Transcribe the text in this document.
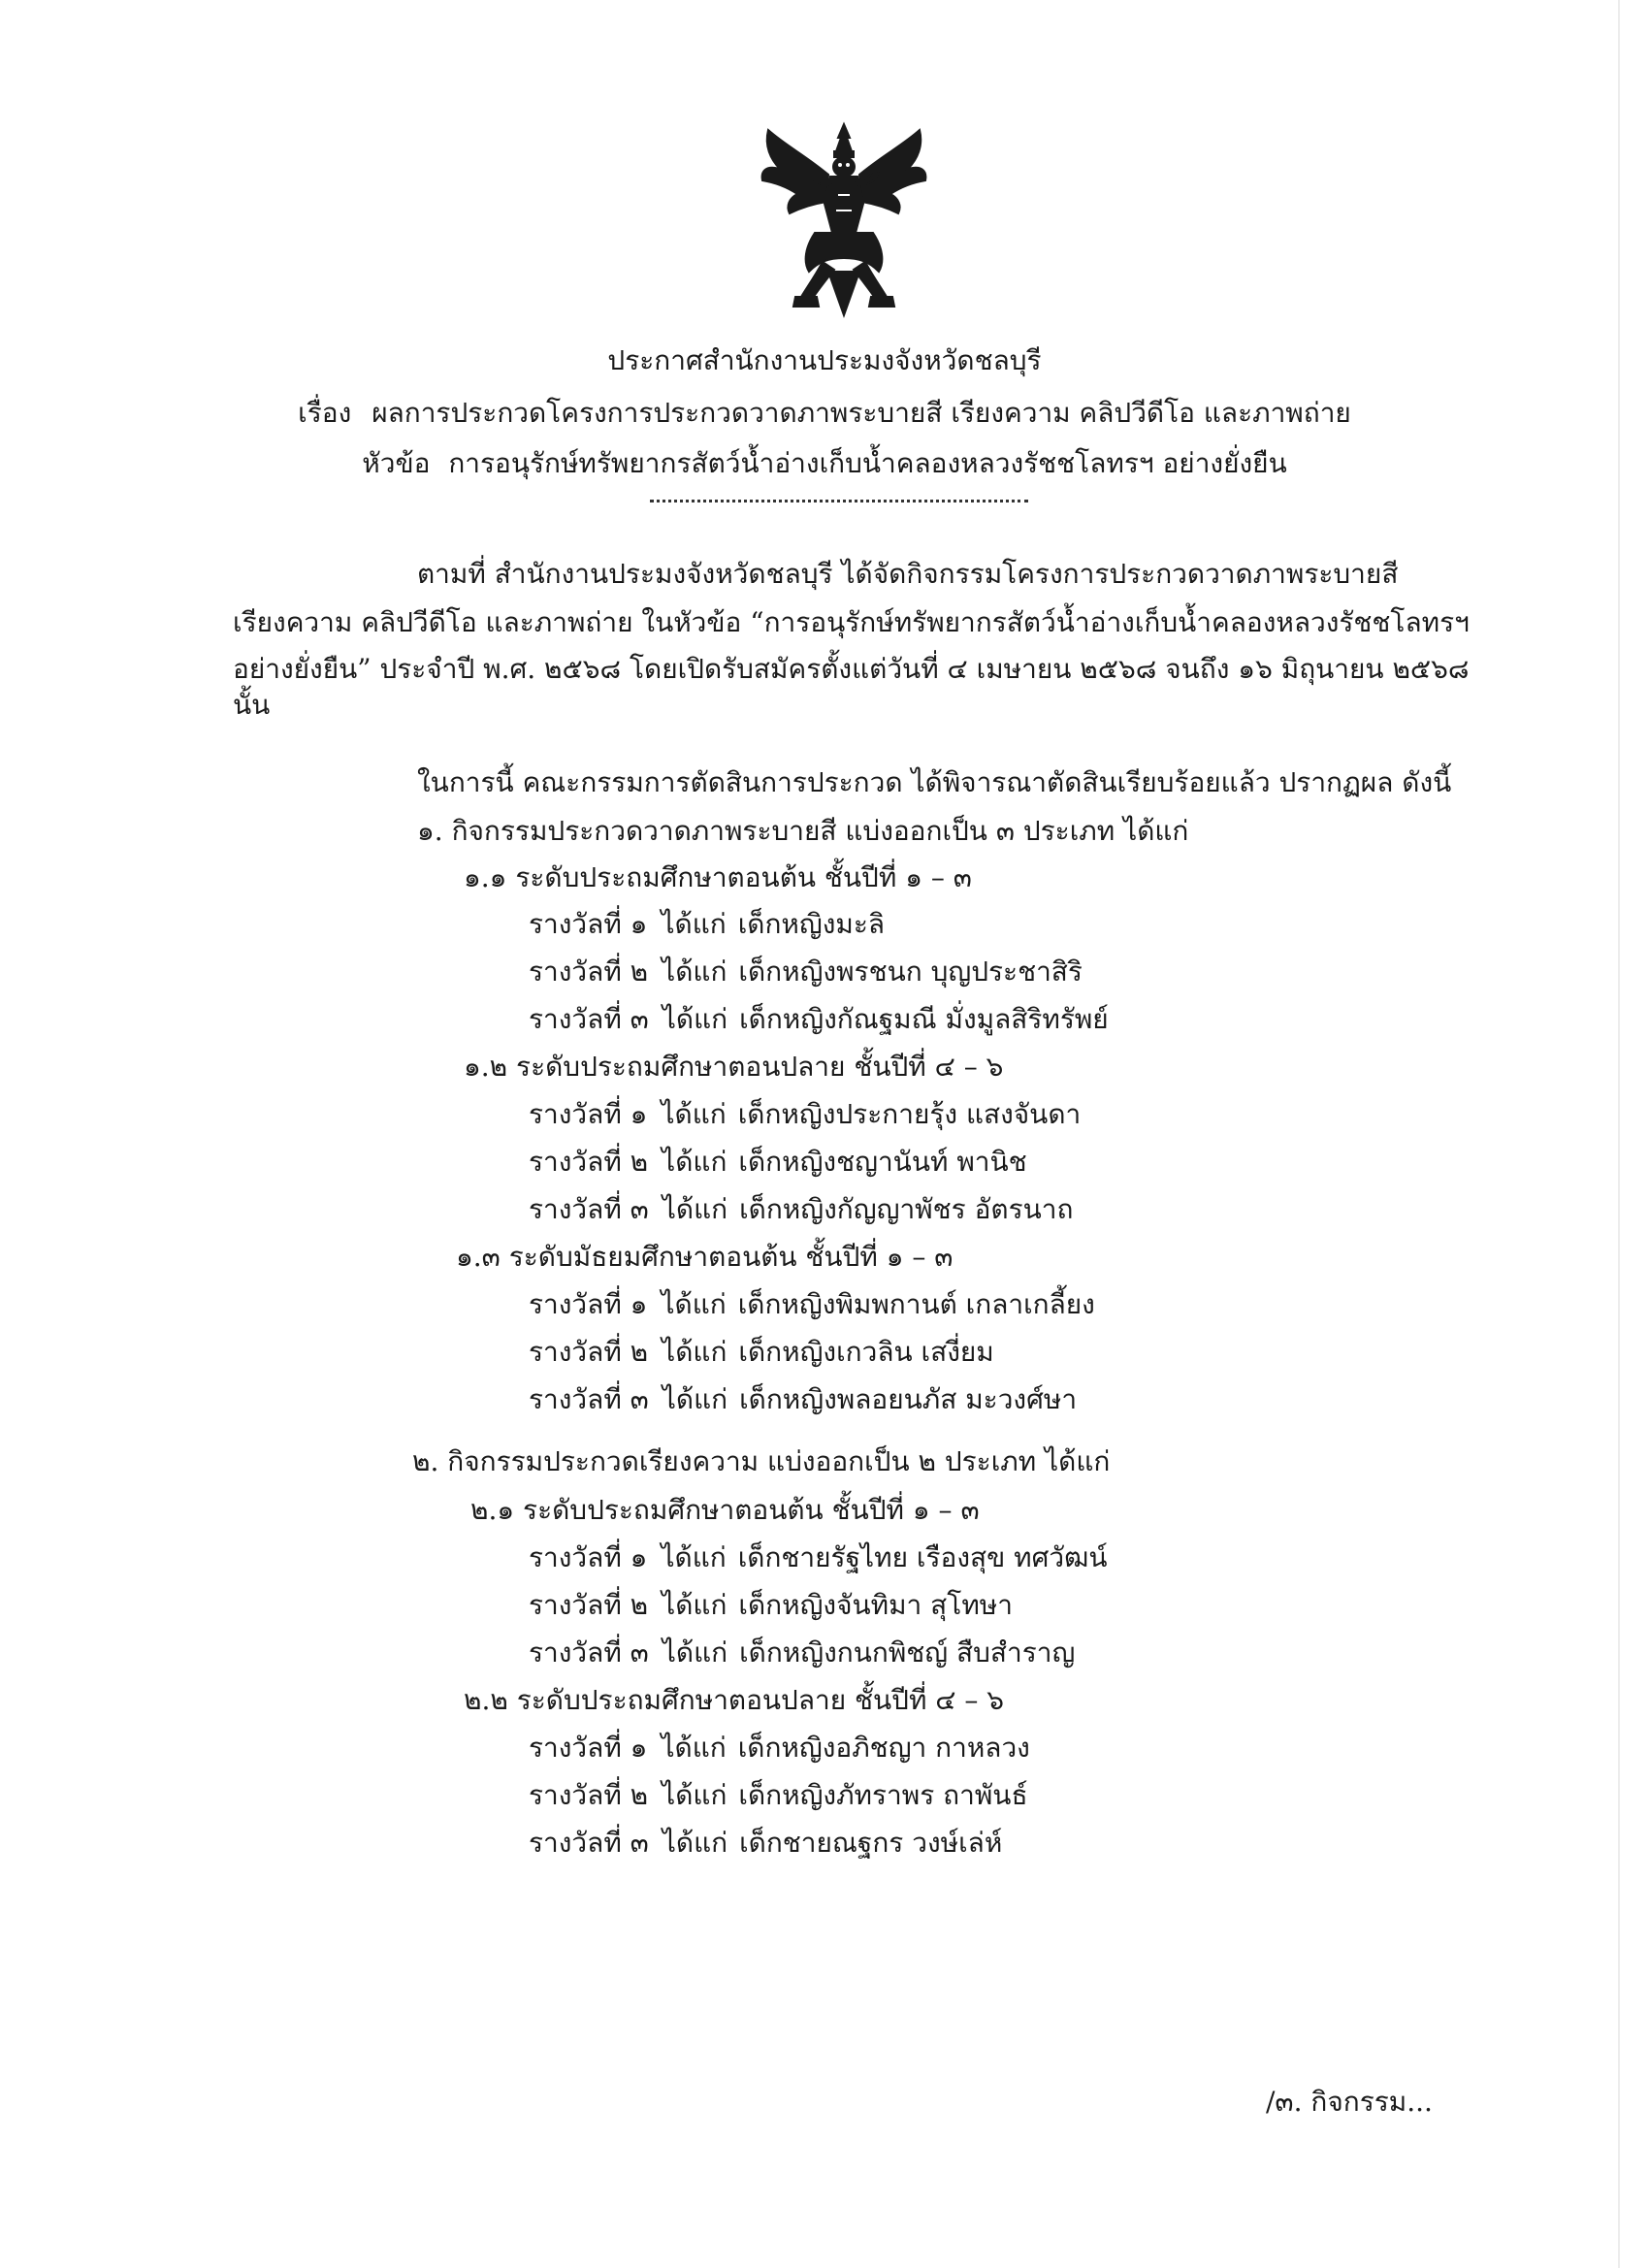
ประกาศสำนักงานประมงจังหวัดชลบุรี
เรื่อง ผลการประกวดโครงการประกวดวาดภาพระบายสี เรียงความ คลิปวีดีโอ และภาพถ่าย
หัวข้อ การอนุรักษ์ทรัพยากรสัตว์น้ำอ่างเก็บน้ำคลองหลวงรัชชโลทรฯ อย่างยั่งยืน
ตามที่ สำนักงานประมงจังหวัดชลบุรี ได้จัดกิจกรรมโครงการประกวดวาดภาพระบายสี
เรียงความ คลิปวีดีโอ และภาพถ่าย ในหัวข้อ “การอนุรักษ์ทรัพยากรสัตว์น้ำอ่างเก็บน้ำคลองหลวงรัชชโลทรฯ
อย่างยั่งยืน” ประจำปี พ.ศ. ๒๕๖๘ โดยเปิดรับสมัครตั้งแต่วันที่ ๔ เมษายน ๒๕๖๘ จนถึง ๑๖ มิถุนายน ๒๕๖๘
นั้น
ในการนี้ คณะกรรมการตัดสินการประกวด ได้พิจารณาตัดสินเรียบร้อยแล้ว ปรากฏผล ดังนี้
๑. กิจกรรมประกวดวาดภาพระบายสี แบ่งออกเป็น ๓ ประเภท ได้แก่
๑.๑ ระดับประถมศึกษาตอนต้น ชั้นปีที่ ๑ – ๓
รางวัลที่ ๑ ได้แก่ เด็กหญิงมะลิ
รางวัลที่ ๒ ได้แก่ เด็กหญิงพรชนก บุญประชาสิริ
รางวัลที่ ๓ ได้แก่ เด็กหญิงกัณฐมณี มั่งมูลสิริทรัพย์
๑.๒ ระดับประถมศึกษาตอนปลาย ชั้นปีที่ ๔ – ๖
รางวัลที่ ๑ ได้แก่ เด็กหญิงประกายรุ้ง แสงจันดา
รางวัลที่ ๒ ได้แก่ เด็กหญิงชญานันท์ พานิช
รางวัลที่ ๓ ได้แก่ เด็กหญิงกัญญาพัชร อัตรนาถ
๑.๓ ระดับมัธยมศึกษาตอนต้น ชั้นปีที่ ๑ – ๓
รางวัลที่ ๑ ได้แก่ เด็กหญิงพิมพกานต์ เกลาเกลี้ยง
รางวัลที่ ๒ ได้แก่ เด็กหญิงเกวลิน เสงี่ยม
รางวัลที่ ๓ ได้แก่ เด็กหญิงพลอยนภัส มะวงศ์ษา
๒. กิจกรรมประกวดเรียงความ แบ่งออกเป็น ๒ ประเภท ได้แก่
๒.๑ ระดับประถมศึกษาตอนต้น ชั้นปีที่ ๑ – ๓
รางวัลที่ ๑ ได้แก่ เด็กชายรัฐไทย เรืองสุข ทศวัฒน์
รางวัลที่ ๒ ได้แก่ เด็กหญิงจันทิมา สุโทษา
รางวัลที่ ๓ ได้แก่ เด็กหญิงกนกพิชญ์ สืบสำราญ
๒.๒ ระดับประถมศึกษาตอนปลาย ชั้นปีที่ ๔ – ๖
รางวัลที่ ๑ ได้แก่ เด็กหญิงอภิชญา กาหลวง
รางวัลที่ ๒ ได้แก่ เด็กหญิงภัทราพร ถาพันธ์
รางวัลที่ ๓ ได้แก่ เด็กชายณฐกร วงษ์เล่ห์
/๓. กิจกรรม...
